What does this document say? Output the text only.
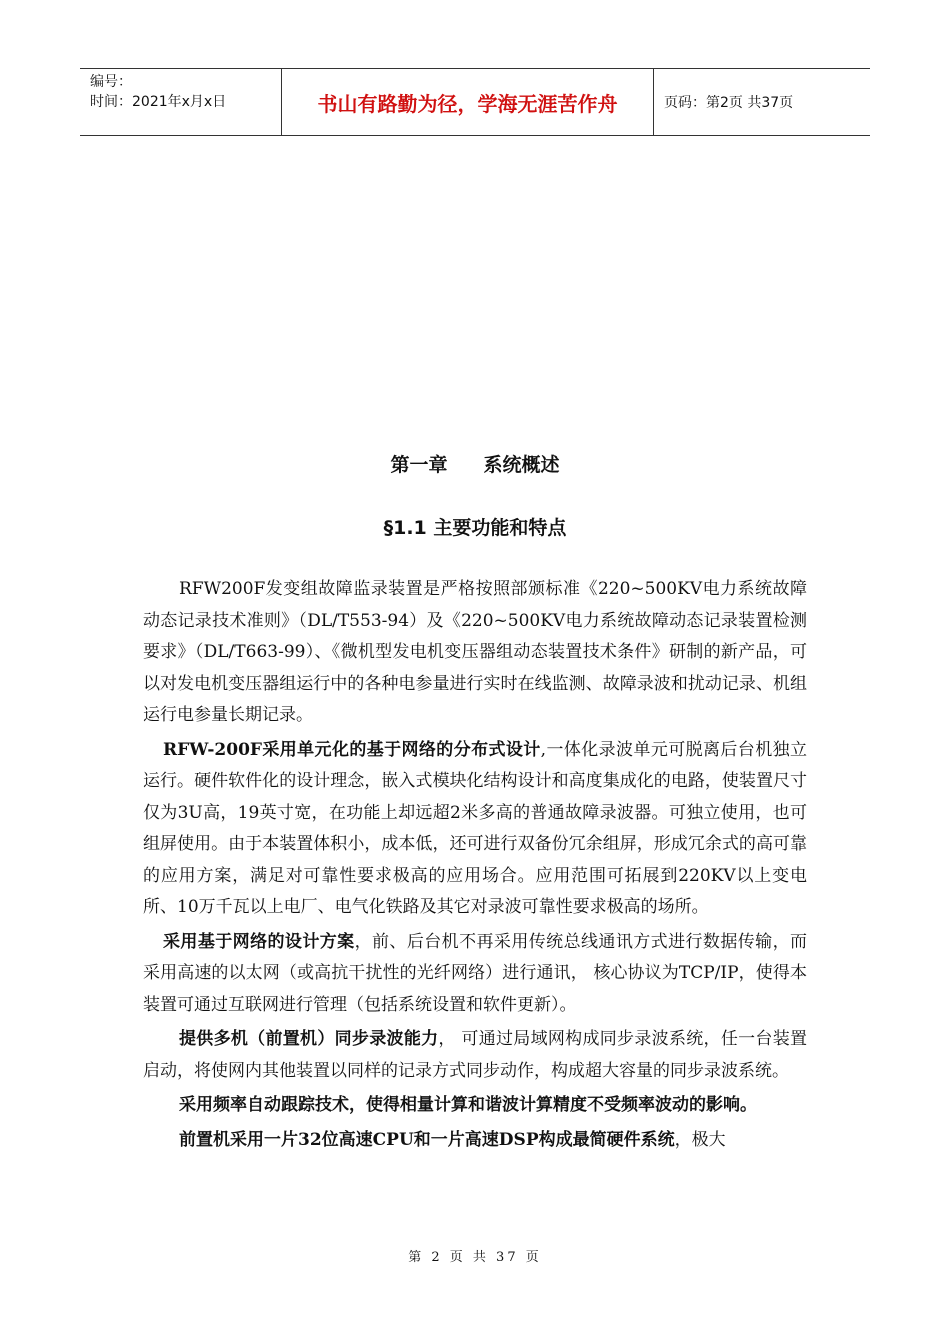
编号：
时间：2021年x月x日	书山有路勤为径，学海无涯苦作舟	页码：第2页 共37页
第一章 系统概述
§1.1 主要功能和特点

RFW200F发变组故障监录装置是严格按照部颁标准《220~500KV电力系统故障动态记录技术准则》（DL/T553-94）及《220~500KV电力系统故障动态记录装置检测要求》（DL/T663-99）、《微机型发电机变压器组动态装置技术条件》研制的新产品，可以对发电机变压器组运行中的各种电参量进行实时在线监测、故障录波和扰动记录、机组运行电参量长期记录。

RFW-200F采用单元化的基于网络的分布式设计,一体化录波单元可脱离后台机独立运行。硬件软件化的设计理念，嵌入式模块化结构设计和高度集成化的电路，使装置尺寸仅为3U高，19英寸宽，在功能上却远超2米多高的普通故障录波器。可独立使用，也可组屏使用。由于本装置体积小，成本低，还可进行双备份冗余组屏，形成冗余式的高可靠的应用方案，满足对可靠性要求极高的应用场合。应用范围可拓展到220KV以上变电所、10万千瓦以上电厂、电气化铁路及其它对录波可靠性要求极高的场所。

采用基于网络的设计方案，前、后台机不再采用传统总线通讯方式进行数据传输，而采用高速的以太网（或高抗干扰性的光纤网络）进行通讯， 核心协议为TCP/IP，使得本装置可通过互联网进行管理（包括系统设置和软件更新）。

提供多机（前置机）同步录波能力， 可通过局域网构成同步录波系统，任一台装置启动，将使网内其他装置以同样的记录方式同步动作，构成超大容量的同步录波系统。

采用频率自动跟踪技术，使得相量计算和谐波计算精度不受频率波动的影响。

前置机采用一片32位高速CPU和一片高速DSP构成最简硬件系统，极大

第 2 页 共 37 页
